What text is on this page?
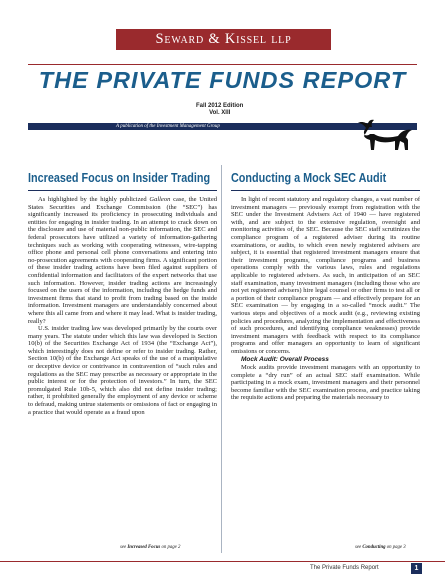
Seward & Kissel llp
THE PRIVATE FUNDS REPORT
Fall 2012 Edition
Vol. XIII
A publication of the Investment Management Group
Increased Focus on Insider Trading

As highlighted by the highly publicized Galleon case, the United States Securities and Exchange Commission (the “SEC”) has significantly increased its proficiency in prosecuting individuals and entities for engaging in insider trading. In an attempt to crack down on the disclosure and use of material non-public information, the SEC and federal prosecutors have utilized a variety of information-gathering techniques such as working with cooperating witnesses, wire-tapping office phone and personal cell phone conversations and entering into no-prosecution agreements with cooperating firms. A significant portion of these insider trading actions have been filed against suppliers of confidential information and facilitators of the expert networks that use such information. However, insider trading actions are increasingly focused on the users of the information, including the hedge funds and investment firms that stand to profit from trading based on the inside information. Investment managers are understandably concerned about where this all came from and where it may lead. What is insider trading, really?

U.S. insider trading law was developed primarily by the courts over many years. The statute under which this law was developed is Section 10(b) of the Securities Exchange Act of 1934 (the “Exchange Act”), which interestingly does not define or refer to insider trading. Rather, Section 10(b) of the Exchange Act speaks of the use of a manipulative or deceptive device or contrivance in contravention of “such rules and regulations as the SEC may prescribe as necessary or appropriate in the public interest or for the protection of investors.” In turn, the SEC promulgated Rule 10b-5, which also did not define insider trading; rather, it prohibited generally the employment of any device or scheme to defraud, making untrue statements or omissions of fact or engaging in a practice that would operate as a fraud upon

see Increased Focus on page 2
Conducting a Mock SEC Audit

In light of recent statutory and regulatory changes, a vast number of investment managers — previously exempt from registration with the SEC under the Investment Advisers Act of 1940 — have registered with, and are subject to the extensive regulation, oversight and monitoring activities of, the SEC. Because the SEC staff scrutinizes the compliance program of a registered adviser during its routine examinations, or audits, to which even newly registered advisers are subject, it is essential that registered investment managers ensure that their investment programs, compliance programs and business operations comply with the various laws, rules and regulations applicable to registered advisers. As such, in anticipation of an SEC staff examination, many investment managers (including those who are not yet registered advisers) hire legal counsel or other firms to test all or a portion of their compliance program — and effectively prepare for an SEC examination — by engaging in a so-called “mock audit.” The various steps and objectives of a mock audit (e.g., reviewing existing policies and procedures, analyzing the implementation and effectiveness of such procedures, and identifying compliance weaknesses) provide investment managers with feedback with respect to its compliance programs and offer managers an opportunity to learn of significant omissions or concerns.

Mock Audit: Overall Process

Mock audits provide investment managers with an opportunity to complete a “dry run” of an actual SEC staff examination. While participating in a mock exam, investment managers and their personnel become familiar with the SEC examination process, and practice taking the requisite actions and preparing the materials necessary to

see Conducting on page 3
The Private Funds Report	1
